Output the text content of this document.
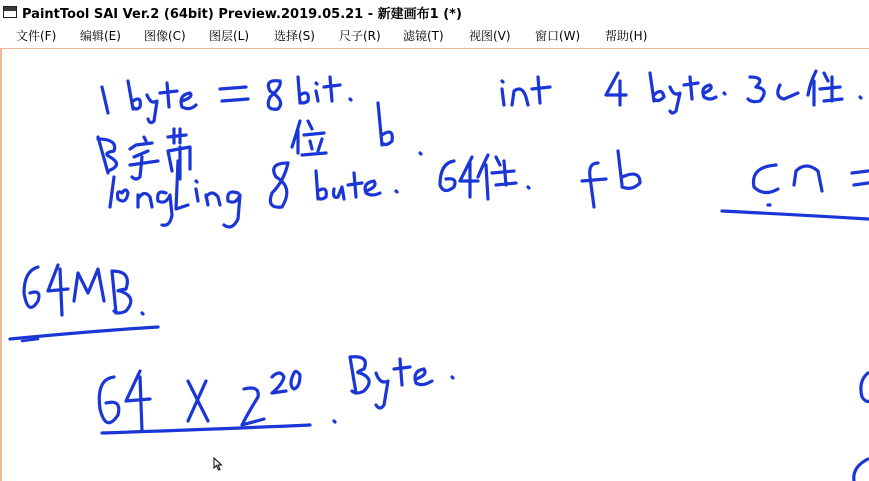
PaintTool SAI Ver.2 (64bit) Preview.2019.05.21 - 新建画布1 (*)
文件(F) 编辑(E) 图像(C) 图层(L) 选择(S) 尺子(R) 滤镜(T) 视图(V) 窗口(W) 帮助(H)
